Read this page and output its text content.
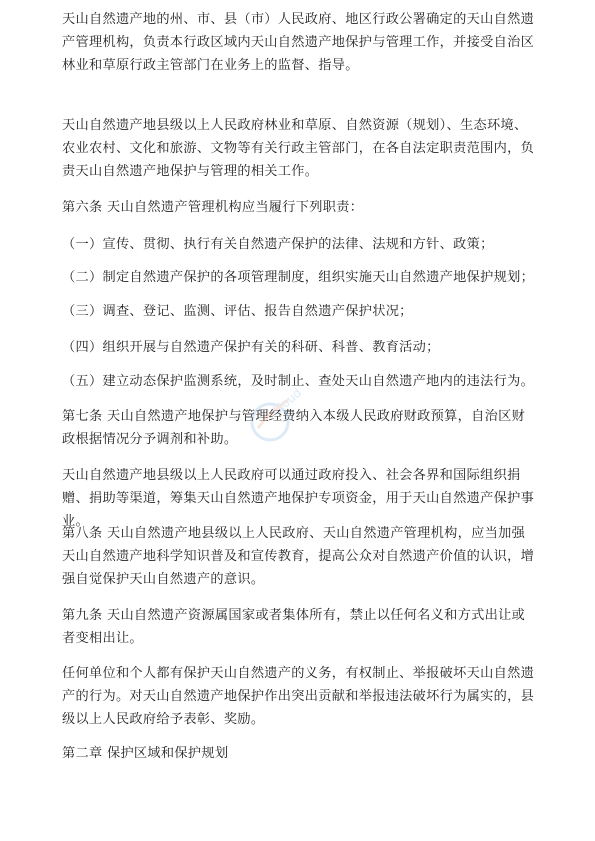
天山自然遗产地的州、市、县（市）人民政府、地区行政公署确定的天山自然遗产管理机构，负责本行政区域内天山自然遗产地保护与管理工作，并接受自治区林业和草原行政主管部门在业务上的监督、指导。

天山自然遗产地县级以上人民政府林业和草原、自然资源（规划）、生态环境、农业农村、文化和旅游、文物等有关行政主管部门，在各自法定职责范围内，负责天山自然遗产地保护与管理的相关工作。

第六条 天山自然遗产管理机构应当履行下列职责：

（一）宣传、贯彻、执行有关自然遗产保护的法律、法规和方针、政策；

（二）制定自然遗产保护的各项管理制度，组织实施天山自然遗产地保护规划；

（三）调查、登记、监测、评估、报告自然遗产保护状况；

（四）组织开展与自然遗产保护有关的科研、科普、教育活动；

（五）建立动态保护监测系统，及时制止、查处天山自然遗产地内的违法行为。

第七条 天山自然遗产地保护与管理经费纳入本级人民政府财政预算，自治区财政根据情况分予调剂和补助。

天山自然遗产地县级以上人民政府可以通过政府投入、社会各界和国际组织捐赠、捐助等渠道，筹集天山自然遗产地保护专项资金，用于天山自然遗产保护事业。

第八条 天山自然遗产地县级以上人民政府、天山自然遗产管理机构，应当加强天山自然遗产地科学知识普及和宣传教育，提高公众对自然遗产价值的认识，增强自觉保护天山自然遗产的意识。

第九条 天山自然遗产资源属国家或者集体所有，禁止以任何名义和方式出让或者变相出让。

任何单位和个人都有保护天山自然遗产的义务，有权制止、举报破坏天山自然遗产的行为。对天山自然遗产地保护作出突出贡献和举报违法破坏行为属实的，县级以上人民政府给予表彰、奖励。

第二章 保护区域和保护规划

Cloud
